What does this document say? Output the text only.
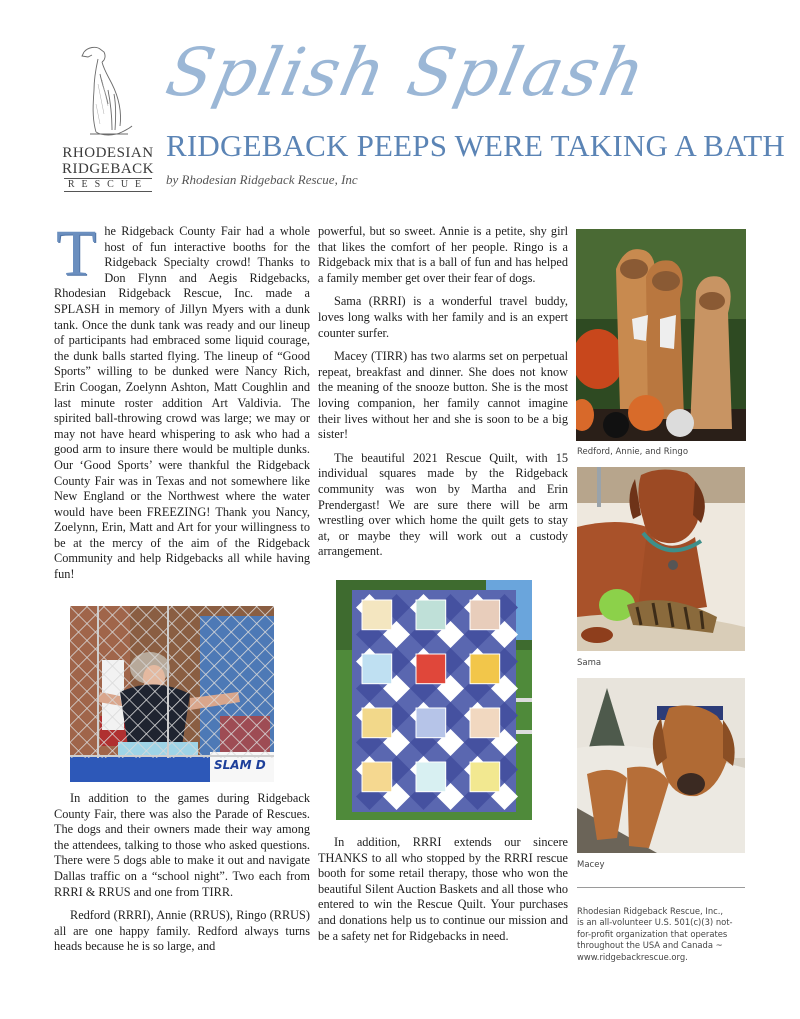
RHODESIAN
RIDGEBACK
RESCUE
Splish Splash
RIDGEBACK PEEPS WERE TAKING A BATH
by Rhodesian Ridgeback Rescue, Inc
T he Ridgeback County Fair had a whole host of fun interactive booths for the Ridgeback Specialty crowd! Thanks to Don Flynn and Aegis Ridgebacks, Rhodesian Ridgeback Rescue, Inc. made a SPLASH in memory of Jillyn Myers with a dunk tank. Once the dunk tank was ready and our lineup of participants had embraced some liquid courage, the dunk balls started flying. The lineup of “Good Sports” willing to be dunked were Nancy Rich, Erin Coogan, Zoelynn Ashton, Matt Coughlin and last minute roster addition Art Valdivia. The spirited ball-throwing crowd was large; we may or may not have heard whispering to ask who had a good arm to insure there would be multiple dunks. Our ‘Good Sports’ were thankful the Ridgeback County Fair was in Texas and not somewhere like New England or the Northwest where the water would have been FREEZING! Thank you Nancy, Zoelynn, Erin, Matt and Art for your willingness to be at the mercy of the aim of the Ridgeback Community and help Ridgebacks all while having fun!

SLAM D

In addition to the games during Ridgeback County Fair, there was also the Parade of Rescues. The dogs and their owners made their way among the attendees, talking to those who asked questions. There were 5 dogs able to make it out and navigate Dallas traffic on a “school night”. Two each from RRRI & RRUS and one from TIRR.

Redford (RRRI), Annie (RRUS), Ringo (RRUS) all are one happy family. Redford always turns heads because he is so large, and

powerful, but so sweet. Annie is a petite, shy girl that likes the comfort of her people. Ringo is a Ridgeback mix that is a ball of fun and has helped a family member get over their fear of dogs.

Sama (RRRI) is a wonderful travel buddy, loves long walks with her family and is an expert counter surfer.

Macey (TIRR) has two alarms set on perpetual repeat, breakfast and dinner. She does not know the meaning of the snooze button. She is the most loving companion, her family cannot imagine their lives without her and she is soon to be a big sister!

The beautiful 2021 Rescue Quilt, with 15 individual squares made by the Ridgeback community was won by Martha and Erin Prendergast! We are sure there will be arm wrestling over which home the quilt gets to stay at, or maybe they will work out a custody arrangement.

In addition, RRRI extends our sincere THANKS to all who stopped by the RRRI rescue booth for some retail therapy, those who won the beautiful Silent Auction Baskets and all those who entered to win the Rescue Quilt. Your purchases and donations help us to continue our mission and be a safety net for Ridgebacks in need.

Redford, Annie, and Ringo
Sama
Macey
Rhodesian Ridgeback Rescue, Inc.,
is an all-volunteer U.S. 501(c)(3) not-
for-profit organization that operates
throughout the USA and Canada ~
www.ridgebackrescue.org.
